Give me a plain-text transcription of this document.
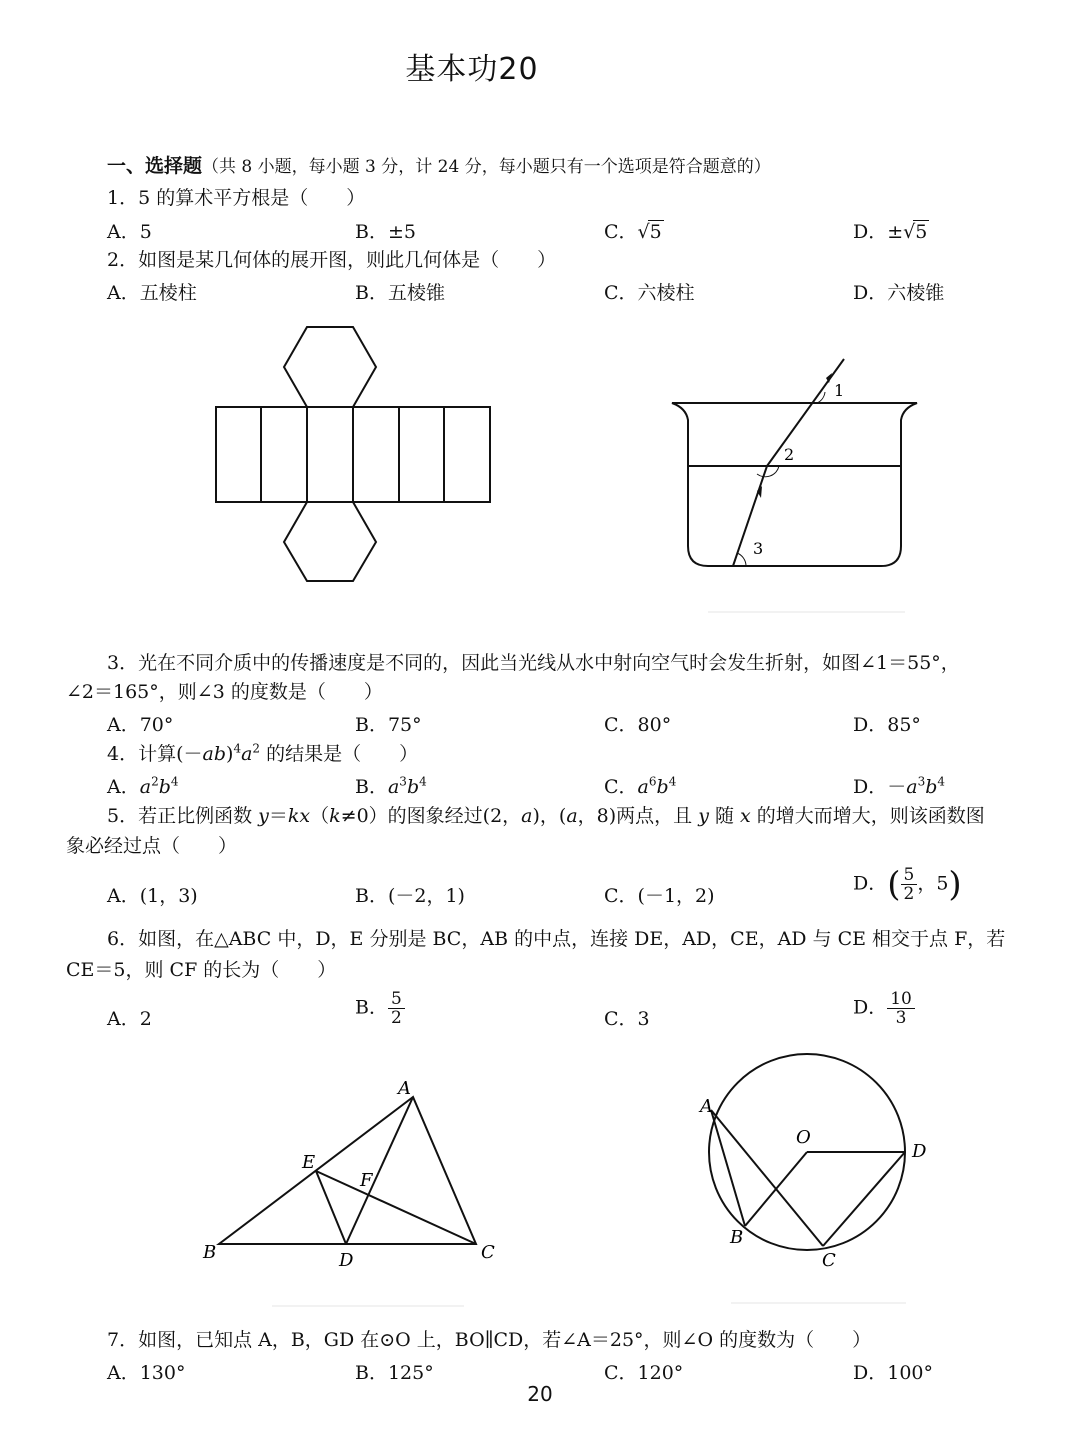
基本功20
一、选择题（共 8 小题，每小题 3 分，计 24 分，每小题只有一个选项是符合题意的）
1．5 的算术平方根是（　　）
A．5	B．±5	C．√5	D．±√5
2．如图是某几何体的展开图，则此几何体是（　　）
A．五棱柱	B．五棱锥	C．六棱柱	D．六棱锥
1
2
3
3．光在不同介质中的传播速度是不同的，因此当光线从水中射向空气时会发生折射，如图∠1＝55°，
∠2＝165°，则∠3 的度数是（　　）
A．70°	B．75°	C．80°	D．85°
4．计算$(-ab)^4a^2$ 的结果是（　　）
A．$a^2b^4$	B．$a^3b^4$	C．$a^6b^4$	D．$-a^3b^4$
5．若正比例函数 y＝kx（k≠0）的图象经过(2，a)，(a，8)两点，且 y 随 x 的增大而增大，则该函数图
象必经过点（　　）
A．(1，3)	B．(－2，1)	C．(－1，2)
D．( $\frac{5}{2}$ ，5)
6．如图，在△ABC 中，D，E 分别是 BC，AB 的中点，连接 DE，AD，CE，AD 与 CE 相交于点 F，若
CE＝5，则 CF 的长为（　　）
A．2
B． $\frac{5}{2}$	C．3
D． $\frac{10}{3}$
A
B	C
D
E
F
A
B
C
D
O
7．如图，已知点 A，B，GD 在⊙O 上，BO∥CD，若∠A＝25°，则∠O 的度数为（　　）
A．130°	B．125°	C．120°	D．100°
20
